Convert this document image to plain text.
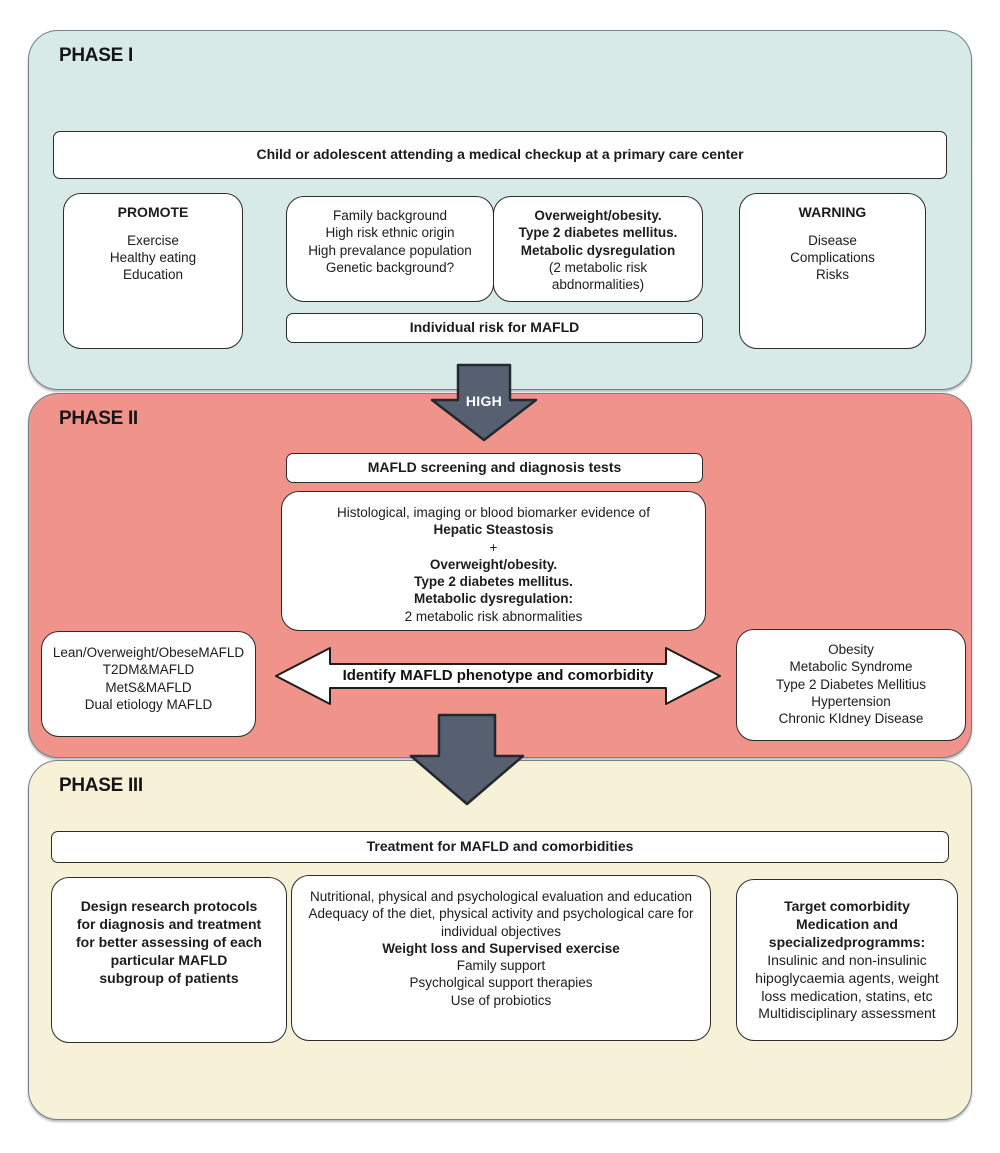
PHASE I
Child or adolescent attending a medical checkup at a primary care center
PROMOTE
Exercise
Healthy eating
Education
Family background
High risk ethnic origin
High prevalance population
Genetic background?
Overweight/obesity.
Type 2 diabetes mellitus.
Metabolic dysregulation
(2 metabolic risk
abdnormalities)
WARNING
Disease
Complications
Risks
Individual risk for MAFLD
HIGH
PHASE II
MAFLD screening and diagnosis tests
Histological, imaging or blood biomarker evidence of
Hepatic Steastosis
+
Overweight/obesity.
Type 2 diabetes mellitus.
Metabolic dysregulation:
2 metabolic risk abnormalities
Lean/Overweight/ObeseMAFLD
T2DM&MAFLD
MetS&MAFLD
Dual etiology MAFLD
Identify MAFLD phenotype and comorbidity
Obesity
Metabolic Syndrome
Type 2 Diabetes Mellitius
Hypertension
Chronic KIdney Disease
PHASE III
Treatment for MAFLD and comorbidities
Design research protocols
for diagnosis and treatment
for better assessing of each
particular MAFLD
subgroup of patients
Nutritional, physical and psychological evaluation and education
Adequacy of the diet, physical activity and psychological care for
individual objectives
Weight loss and Supervised exercise
Family support
Psycholgical support therapies
Use of probiotics
Target comorbidity
Medication and
specializedprogramms:
Insulinic and non-insulinic
hipoglycaemia agents, weight
loss medication, statins, etc
Multidisciplinary assessment
